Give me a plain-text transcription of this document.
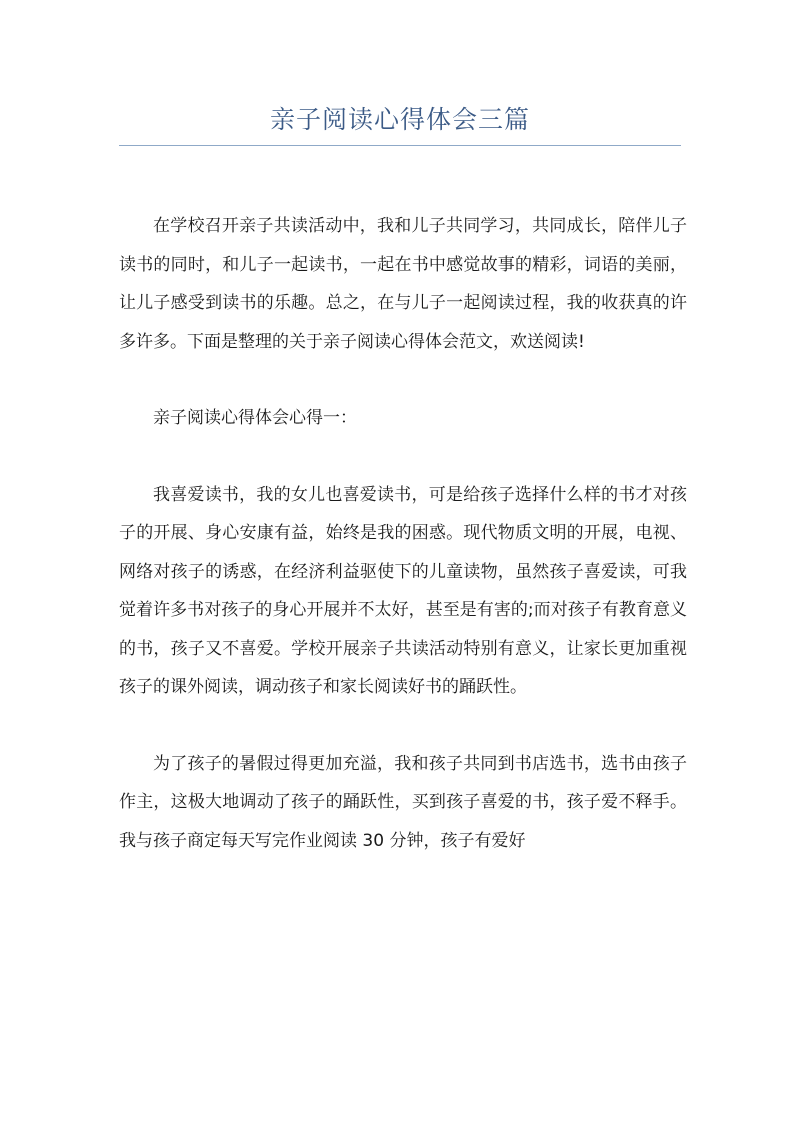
亲子阅读心得体会三篇

在学校召开亲子共读活动中，我和儿子共同学习，共同成长，陪伴儿子读书的同时，和儿子一起读书，一起在书中感觉故事的精彩，词语的美丽，让儿子感受到读书的乐趣。总之，在与儿子一起阅读过程，我的收获真的许多许多。下面是整理的关于亲子阅读心得体会范文，欢送阅读!

亲子阅读心得体会心得一：

我喜爱读书，我的女儿也喜爱读书，可是给孩子选择什么样的书才对孩子的开展、身心安康有益，始终是我的困惑。现代物质文明的开展，电视、网络对孩子的诱惑，在经济利益驱使下的儿童读物，虽然孩子喜爱读，可我觉着许多书对孩子的身心开展并不太好，甚至是有害的;而对孩子有教育意义的书，孩子又不喜爱。学校开展亲子共读活动特别有意义，让家长更加重视孩子的课外阅读，调动孩子和家长阅读好书的踊跃性。

为了孩子的暑假过得更加充溢，我和孩子共同到书店选书，选书由孩子作主，这极大地调动了孩子的踊跃性，买到孩子喜爱的书，孩子爱不释手。我与孩子商定每天写完作业阅读 30 分钟，孩子有爱好
